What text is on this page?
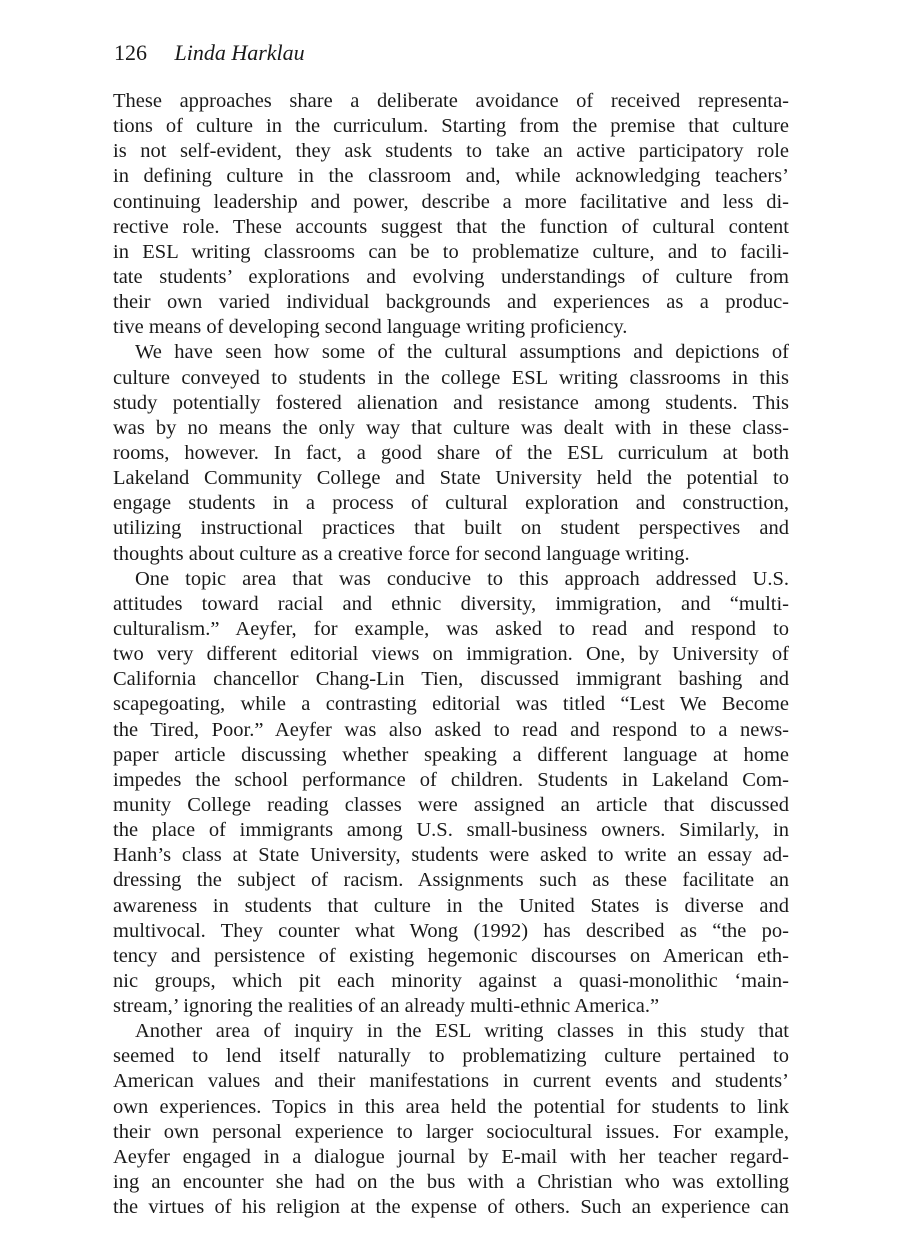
126 Linda Harklau
These approaches share a deliberate avoidance of received representa-
tions of culture in the curriculum. Starting from the premise that culture
is not self-evident, they ask students to take an active participatory role
in defining culture in the classroom and, while acknowledging teachers’
continuing leadership and power, describe a more facilitative and less di-
rective role. These accounts suggest that the function of cultural content
in ESL writing classrooms can be to problematize culture, and to facili-
tate students’ explorations and evolving understandings of culture from
their own varied individual backgrounds and experiences as a produc-
tive means of developing second language writing proficiency.
We have seen how some of the cultural assumptions and depictions of
culture conveyed to students in the college ESL writing classrooms in this
study potentially fostered alienation and resistance among students. This
was by no means the only way that culture was dealt with in these class-
rooms, however. In fact, a good share of the ESL curriculum at both
Lakeland Community College and State University held the potential to
engage students in a process of cultural exploration and construction,
utilizing instructional practices that built on student perspectives and
thoughts about culture as a creative force for second language writing.
One topic area that was conducive to this approach addressed U.S.
attitudes toward racial and ethnic diversity, immigration, and “multi-
culturalism.” Aeyfer, for example, was asked to read and respond to
two very different editorial views on immigration. One, by University of
California chancellor Chang-Lin Tien, discussed immigrant bashing and
scapegoating, while a contrasting editorial was titled “Lest We Become
the Tired, Poor.” Aeyfer was also asked to read and respond to a news-
paper article discussing whether speaking a different language at home
impedes the school performance of children. Students in Lakeland Com-
munity College reading classes were assigned an article that discussed
the place of immigrants among U.S. small-business owners. Similarly, in
Hanh’s class at State University, students were asked to write an essay ad-
dressing the subject of racism. Assignments such as these facilitate an
awareness in students that culture in the United States is diverse and
multivocal. They counter what Wong (1992) has described as “the po-
tency and persistence of existing hegemonic discourses on American eth-
nic groups, which pit each minority against a quasi-monolithic ‘main-
stream,’ ignoring the realities of an already multi-ethnic America.”
Another area of inquiry in the ESL writing classes in this study that
seemed to lend itself naturally to problematizing culture pertained to
American values and their manifestations in current events and students’
own experiences. Topics in this area held the potential for students to link
their own personal experience to larger sociocultural issues. For example,
Aeyfer engaged in a dialogue journal by E-mail with her teacher regard-
ing an encounter she had on the bus with a Christian who was extolling
the virtues of his religion at the expense of others. Such an experience can
